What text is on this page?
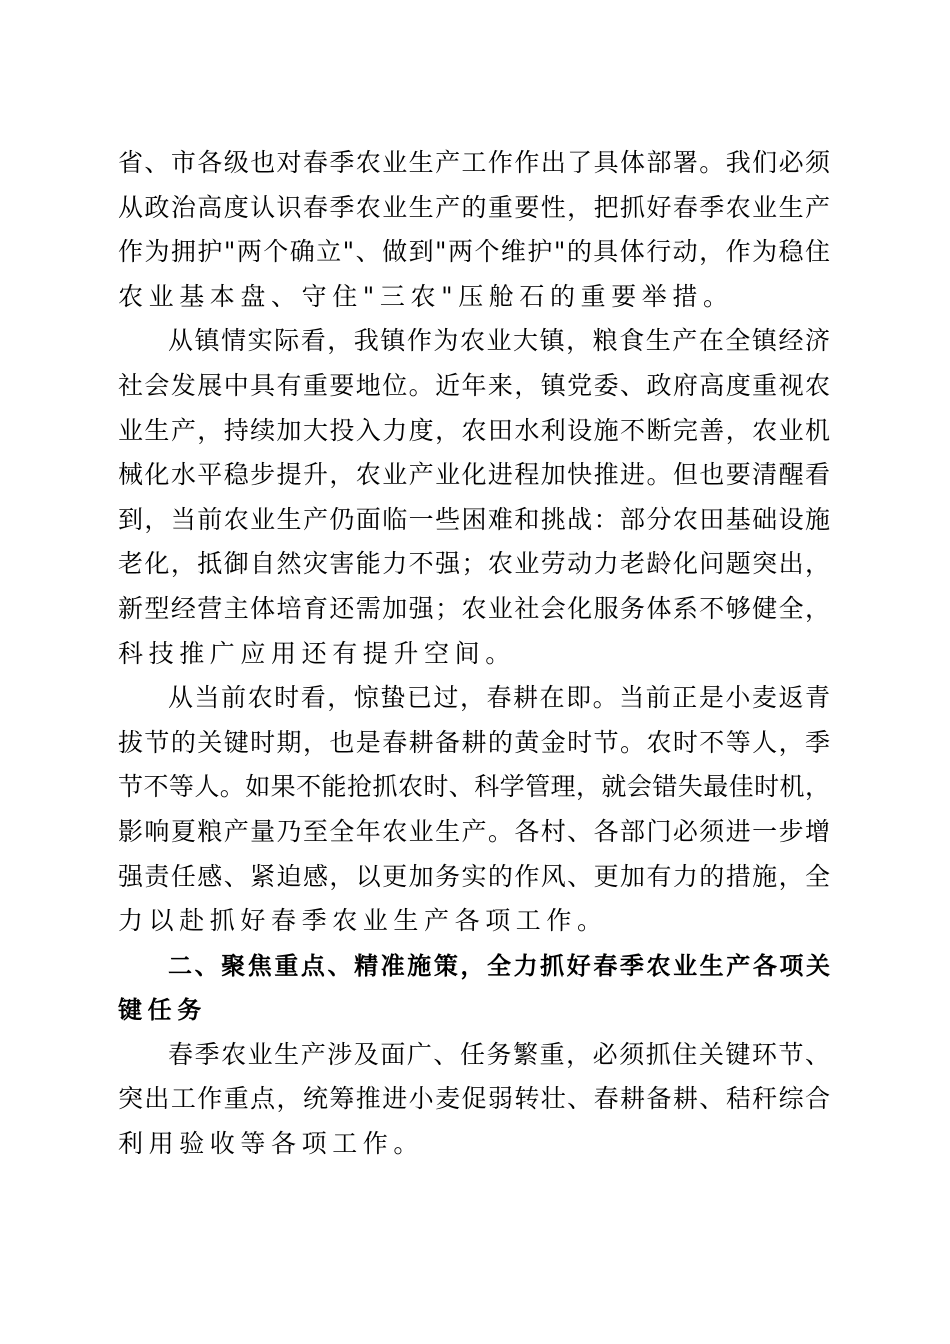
省、市各级也对春季农业生产工作作出了具体部署。我们必须
从政治高度认识春季农业生产的重要性，把抓好春季农业生产
作为拥护"两个确立"、做到"两个维护"的具体行动，作为稳住
农业基本盘、守住"三农"压舱石的重要举措。
从镇情实际看，我镇作为农业大镇，粮食生产在全镇经济
社会发展中具有重要地位。近年来，镇党委、政府高度重视农
业生产，持续加大投入力度，农田水利设施不断完善，农业机
械化水平稳步提升，农业产业化进程加快推进。但也要清醒看
到，当前农业生产仍面临一些困难和挑战：部分农田基础设施
老化，抵御自然灾害能力不强；农业劳动力老龄化问题突出，
新型经营主体培育还需加强；农业社会化服务体系不够健全，
科技推广应用还有提升空间。
从当前农时看，惊蛰已过，春耕在即。当前正是小麦返青
拔节的关键时期，也是春耕备耕的黄金时节。农时不等人，季
节不等人。如果不能抢抓农时、科学管理，就会错失最佳时机，
影响夏粮产量乃至全年农业生产。各村、各部门必须进一步增
强责任感、紧迫感，以更加务实的作风、更加有力的措施，全
力以赴抓好春季农业生产各项工作。
二、聚焦重点、精准施策，全力抓好春季农业生产各项关
键任务
春季农业生产涉及面广、任务繁重，必须抓住关键环节、
突出工作重点，统筹推进小麦促弱转壮、春耕备耕、秸秆综合
利用验收等各项工作。
